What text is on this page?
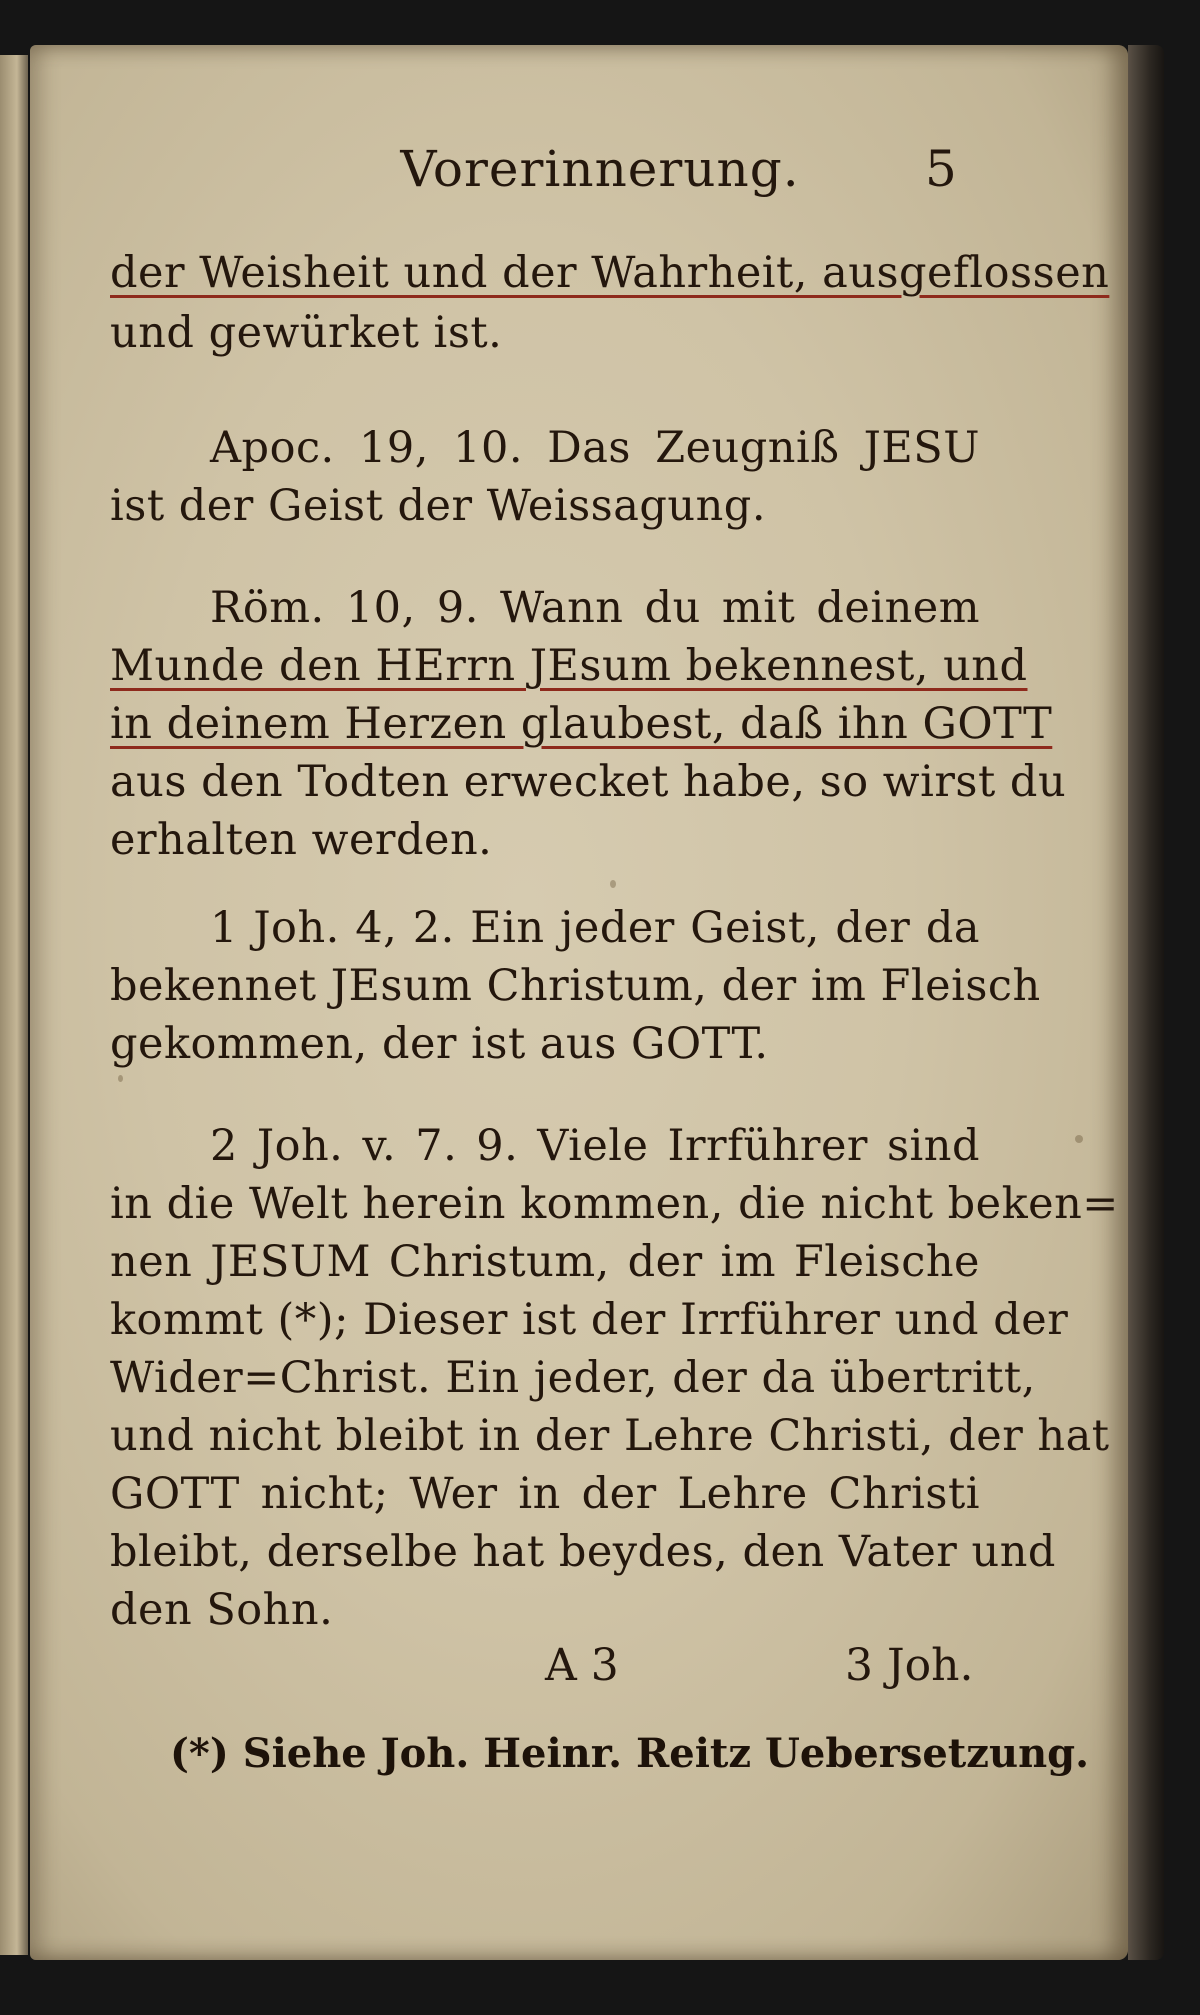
Vorerinnerung.	5
der Weisheit und der Wahrheit, ausgeflossen
und gewürket ist.
Apoc. 19, 10. Das Zeugniß JESU
ist der Geist der Weissagung.
Röm. 10, 9. Wann du mit deinem
Munde den HErrn JEsum bekennest, und
in deinem Herzen glaubest, daß ihn GOTT
aus den Todten erwecket habe, so wirst du
erhalten werden.
1 Joh. 4, 2. Ein jeder Geist, der da
bekennet JEsum Christum, der im Fleisch
gekommen, der ist aus GOTT.
2 Joh. v. 7. 9. Viele Irrführer sind
in die Welt herein kommen, die nicht beken=
nen JESUM Christum, der im Fleische
kommt (*); Dieser ist der Irrführer und der
Wider=Christ. Ein jeder, der da übertritt,
und nicht bleibt in der Lehre Christi, der hat
GOTT nicht; Wer in der Lehre Christi
bleibt, derselbe hat beydes, den Vater und
den Sohn.
A 3	3 Joh.
(*) Siehe Joh. Heinr. Reitz Uebersetzung.
